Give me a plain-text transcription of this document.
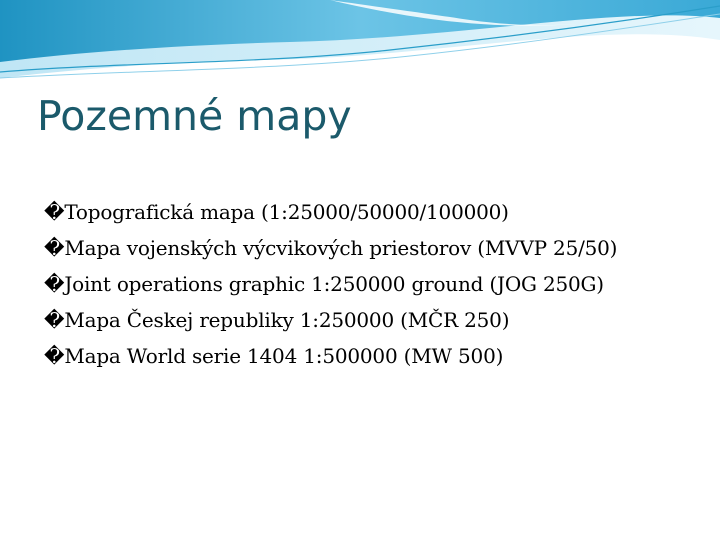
Pozemné mapy
�Topografická mapa (1:25000/50000/100000)
�Mapa vojenských výcvikových priestorov (MVVP 25/50)
�Joint operations graphic 1:250000 ground (JOG 250G)
�Mapa Českej republiky 1:250000 (MČR 250)
�Mapa World serie 1404 1:500000 (MW 500)
